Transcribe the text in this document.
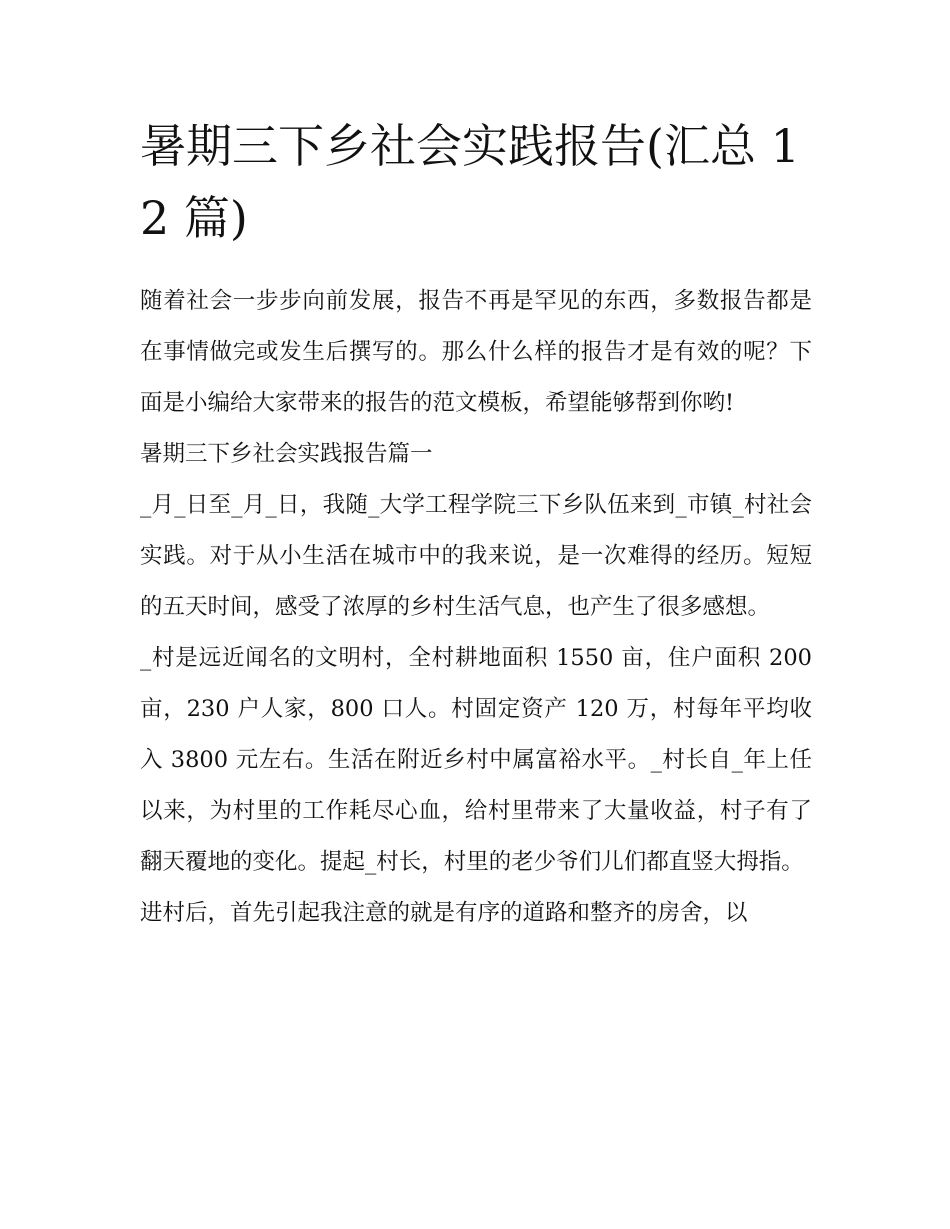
暑期三下乡社会实践报告(汇总 12 篇)

随着社会一步步向前发展，报告不再是罕见的东西，多数报告都是在事情做完或发生后撰写的。那么什么样的报告才是有效的呢？下面是小编给大家带来的报告的范文模板，希望能够帮到你哟!

暑期三下乡社会实践报告篇一

_月_日至_月_日，我随_大学工程学院三下乡队伍来到_市镇_村社会实践。对于从小生活在城市中的我来说，是一次难得的经历。短短的五天时间，感受了浓厚的乡村生活气息，也产生了很多感想。

_村是远近闻名的文明村，全村耕地面积 1550 亩，住户面积 200 亩，230 户人家，800 口人。村固定资产 120 万，村每年平均收入 3800 元左右。生活在附近乡村中属富裕水平。_村长自_年上任以来，为村里的工作耗尽心血，给村里带来了大量收益，村子有了翻天覆地的变化。提起_村长，村里的老少爷们儿们都直竖大拇指。

进村后，首先引起我注意的就是有序的道路和整齐的房舍，以
